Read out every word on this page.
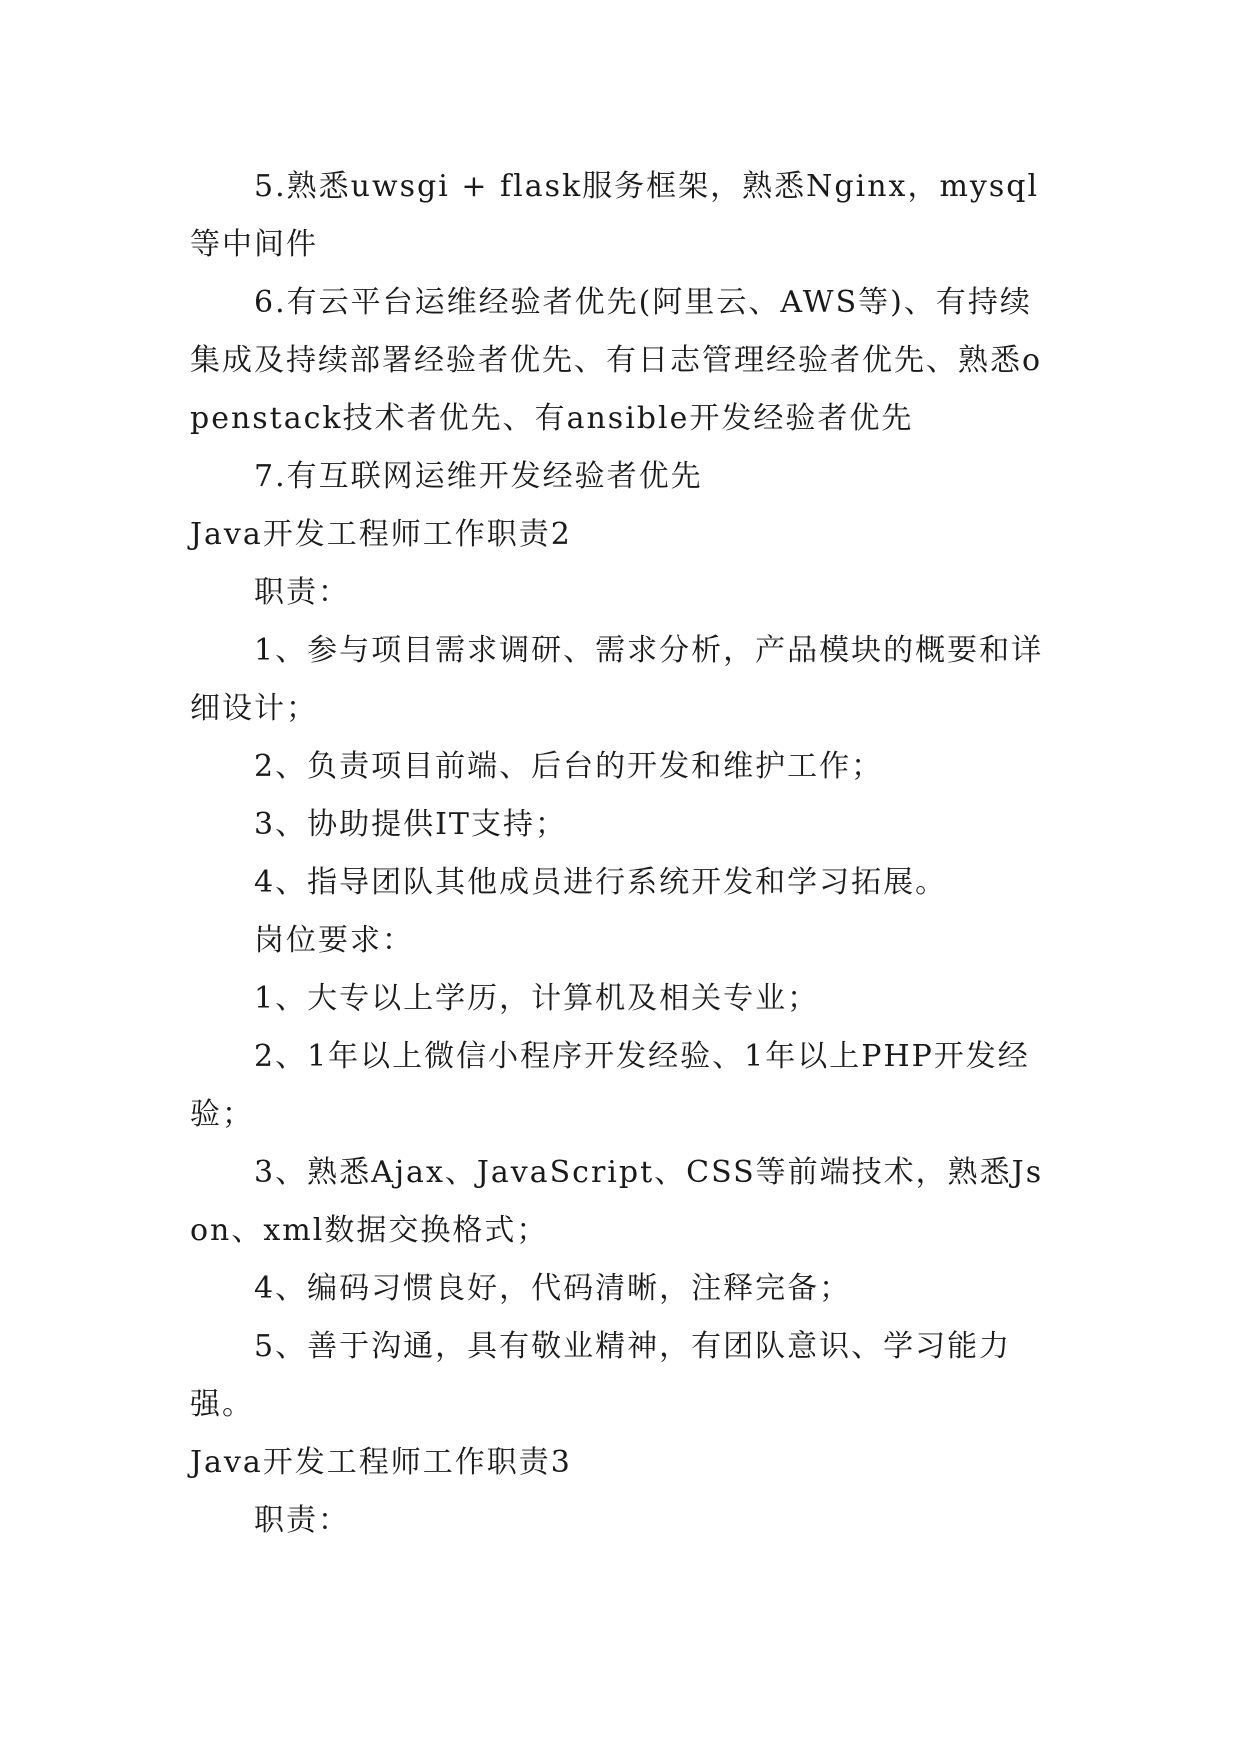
5.熟悉uwsgi + flask服务框架，熟悉Nginx，mysql等中间件

6.有云平台运维经验者优先(阿里云、AWS等)、有持续集成及持续部署经验者优先、有日志管理经验者优先、熟悉openstack技术者优先、有ansible开发经验者优先

7.有互联网运维开发经验者优先

Java开发工程师工作职责2

职责：

1、参与项目需求调研、需求分析，产品模块的概要和详细设计；

2、负责项目前端、后台的开发和维护工作；

3、协助提供IT支持；

4、指导团队其他成员进行系统开发和学习拓展。

岗位要求：

1、大专以上学历，计算机及相关专业；

2、1年以上微信小程序开发经验、1年以上PHP开发经验；

3、熟悉Ajax、JavaScript、CSS等前端技术，熟悉Json、xml数据交换格式；

4、编码习惯良好，代码清晰，注释完备；

5、善于沟通，具有敬业精神，有团队意识、学习能力强。

Java开发工程师工作职责3

职责：
